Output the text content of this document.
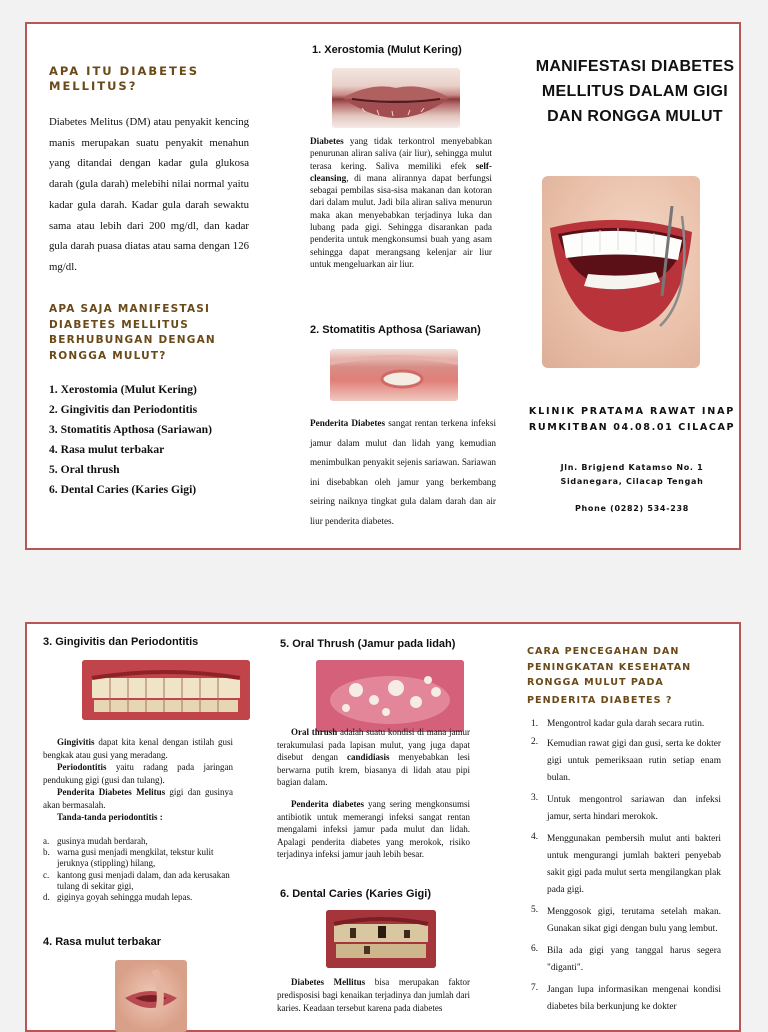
APA ITU DIABETES MELLITUS?

Diabetes Melitus (DM) atau penyakit kencing manis merupakan suatu penyakit menahun yang ditandai dengan kadar gula glukosa darah (gula darah) melebihi nilai normal yaitu kadar gula darah. Kadar gula darah sewaktu sama atau lebih dari 200 mg/dl, dan kadar gula darah puasa diatas atau sama dengan 126 mg/dl.

APA SAJA MANIFESTASI DIABETES MELLITUS BERHUBUNGAN DENGAN RONGGA MULUT?
1. Xerostomia (Mulut Kering)
2. Gingivitis dan Periodontitis
3. Stomatitis Apthosa (Sariawan)
4. Rasa mulut terbakar
5. Oral thrush
6. Dental Caries (Karies Gigi)
1. Xerostomia (Mulut Kering)

Diabetes yang tidak terkontrol menyebabkan penurunan aliran saliva (air liur), sehingga mulut terasa kering. Saliva memiliki efek self-cleansing, di mana alirannya dapat berfungsi sebagai pembilas sisa-sisa makanan dan kotoran dari dalam mulut. Jadi bila aliran saliva menurun maka akan menyebabkan terjadinya luka dan lubang pada gigi. Sehingga disarankan pada penderita untuk mengkonsumsi buah yang asam sehingga dapat merangsang kelenjar air liur untuk mengeluarkan air liur.

2. Stomatitis Apthosa (Sariawan)

Penderita Diabetes sangat rentan terkena infeksi jamur dalam mulut dan lidah yang kemudian menimbulkan penyakit sejenis sariawan. Sariawan ini disebabkan oleh jamur yang berkembang seiring naiknya tingkat gula dalam darah dan air liur penderita diabetes.

MANIFESTASI DIABETES MELLITUS DALAM GIGI DAN RONGGA MULUT
KLINIK PRATAMA RAWAT INAP
RUMKITBAN 04.08.01 CILACAP
Jln. Brigjend Katamso No. 1
Sidanegara, Cilacap Tengah
Phone (0282) 534-238
3. Gingivitis dan Periodontitis
Gingivitis dapat kita kenal dengan istilah gusi bengkak atau gusi yang meradang.
Periodontitis yaitu radang pada jaringan pendukung gigi (gusi dan tulang).
Penderita Diabetes Melitus gigi dan gusinya akan bermasalah.
Tanda-tanda periodontitis :
a. gusinya mudah berdarah,
b. warna gusi menjadi mengkilat, tekstur kulit jeruknya (stippling) hilang,
c. kantong gusi menjadi dalam, dan ada kerusakan tulang di sekitar gigi,
d. giginya goyah sehingga mudah lepas.
4. Rasa mulut terbakar
5. Oral Thrush (Jamur pada lidah)

Oral thrush adalah suatu kondisi di mana jamur terakumulasi pada lapisan mulut, yang juga dapat disebut dengan candidiasis menyebabkan lesi berwarna putih krem, biasanya di lidah atau pipi bagian dalam.

Penderita diabetes yang sering mengkonsumsi antibiotik untuk memerangi infeksi sangat rentan mengalami infeksi jamur pada mulut dan lidah. Apalagi penderita diabetes yang merokok, risiko terjadinya infeksi jamur jauh lebih besar.

6. Dental Caries (Karies Gigi)

Diabetes Mellitus bisa merupakan faktor predisposisi bagi kenaikan terjadinya dan jumlah dari karies. Keadaan tersebut karena pada diabetes

CARA PENCEGAHAN DAN
PENINGKATAN KESEHATAN
RONGGA MULUT PADA
PENDERITA DIABETES ?
1. Mengontrol kadar gula darah secara rutin.
2. Kemudian rawat gigi dan gusi, serta ke dokter gigi untuk pemeriksaan rutin setiap enam bulan.
3. Untuk mengontrol sariawan dan infeksi jamur, serta hindari merokok.
4. Menggunakan pembersih mulut anti bakteri untuk mengurangi jumlah bakteri penyebab sakit gigi pada mulut serta mengilangkan plak pada gigi.
5. Menggosok gigi, terutama setelah makan. Gunakan sikat gigi dengan bulu yang lembut.
6. Bila ada gigi yang tanggal harus segera "diganti".
7. Jangan lupa informasikan mengenai kondisi diabetes bila berkunjung ke dokter
